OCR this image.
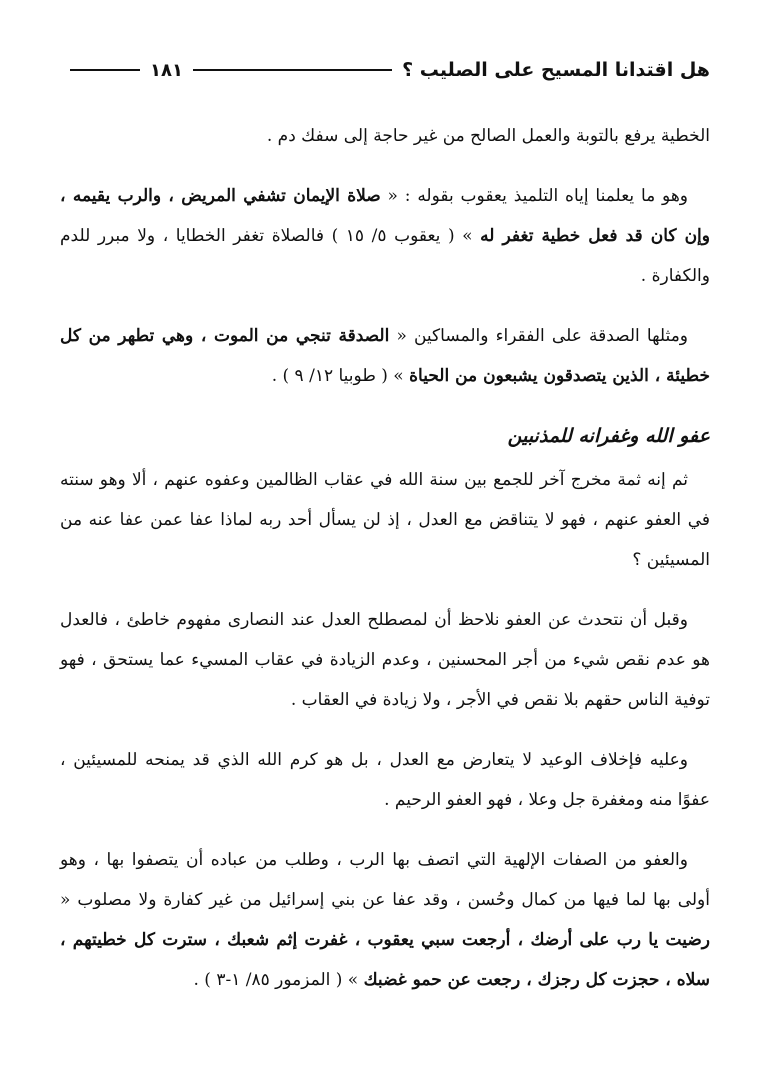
هل اقتدانا المسيح على الصليب ؟
١٨١

الخطية يرفع بالتوبة والعمل الصالح من غير حاجة إلى سفك دم .

وهو ما يعلمنا إياه التلميذ يعقوب بقوله : « صلاة الإيمان تشفي المريض ، والرب يقيمه ، وإن كان قد فعل خطية تغفر له » ( يعقوب ٥/ ١٥ ) فالصلاة تغفر الخطايا ، ولا مبرر للدم والكفارة .

ومثلها الصدقة على الفقراء والمساكين « الصدقة تنجي من الموت ، وهي تطهر من كل خطيئة ، الذين يتصدقون يشبعون من الحياة » ( طوبيا ١٢/ ٩ ) .

عفو الله وغفرانه للمذنبين

ثم إنه ثمة مخرج آخر للجمع بين سنة الله في عقاب الظالمين وعفوه عنهم ، ألا وهو سنته في العفو عنهم ، فهو لا يتناقض مع العدل ، إذ لن يسأل أحد ربه لماذا عفا عمن عفا عنه من المسيئين ؟

وقبل أن نتحدث عن العفو نلاحظ أن لمصطلح العدل عند النصارى مفهوم خاطئ ، فالعدل هو عدم نقص شيء من أجر المحسنين ، وعدم الزيادة في عقاب المسيء عما يستحق ، فهو توفية الناس حقهم بلا نقص في الأجر ، ولا زيادة في العقاب .

وعليه فإخلاف الوعيد لا يتعارض مع العدل ، بل هو كرم الله الذي قد يمنحه للمسيئين ، عفوًا منه ومغفرة جل وعلا ، فهو العفو الرحيم .

والعفو من الصفات الإلهية التي اتصف بها الرب ، وطلب من عباده أن يتصفوا بها ، وهو أولى بها لما فيها من كمال وحُسن ، وقد عفا عن بني إسرائيل من غير كفارة ولا مصلوب « رضيت يا رب على أرضك ، أرجعت سبي يعقوب ، غفرت إثم شعبك ، سترت كل خطيتهم ، سلاه ، حجزت كل رجزك ، رجعت عن حمو غضبك » ( المزمور ٨٥/ ١-٣ ) .
